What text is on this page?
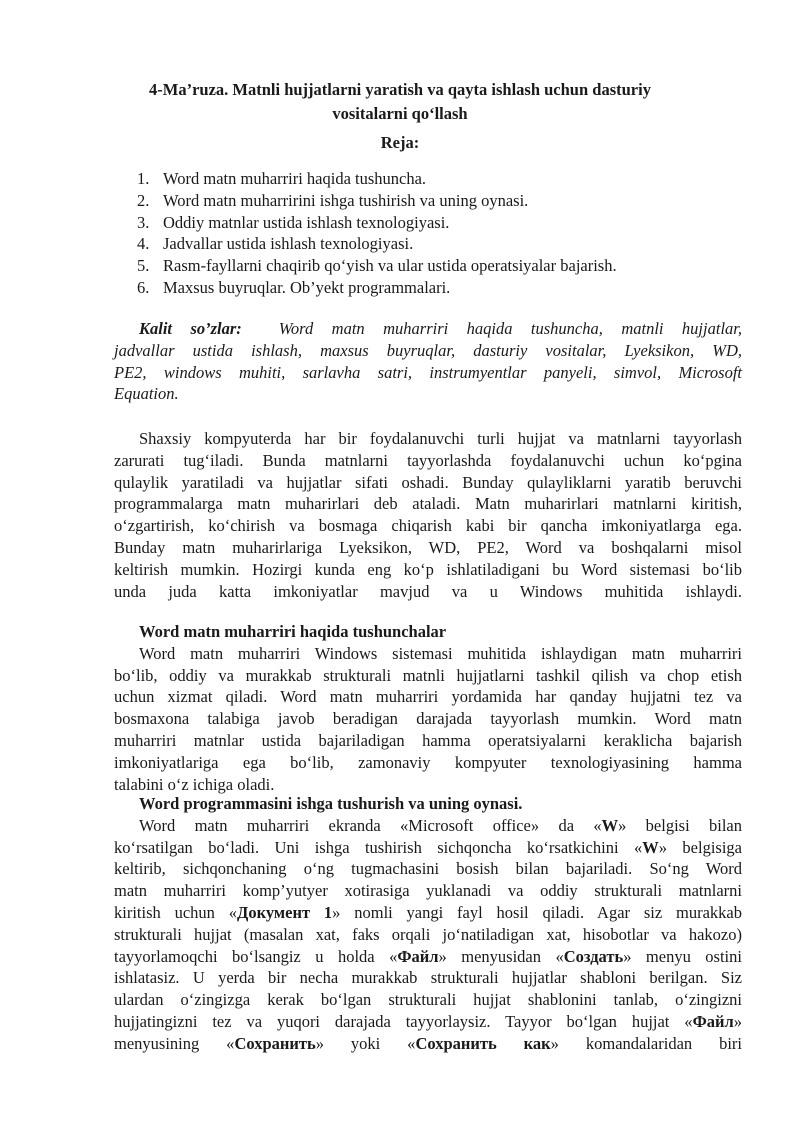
4-Ma’ruza. Matnli hujjatlarni yaratish va qayta ishlash uchun dasturiy
vositalarni qo‘llash
Reja:
1. Word matn muharriri haqida tushuncha.
2. Word matn muharririni ishga tushirish va uning oynasi.
3. Oddiy matnlar ustida ishlash texnologiyasi.
4. Jadvallar ustida ishlash texnologiyasi.
5. Rasm-fayllarni chaqirib qo‘yish va ular ustida operatsiyalar bajarish.
6. Maxsus buyruqlar. Ob’yekt programmalari.
Kalit so’zlar: Word matn muharriri haqida tushuncha, matnli hujjatlar,
jadvallar ustida ishlash, maxsus buyruqlar, dasturiy vositalar, Lyeksikon, WD,
PE2, windows muhiti, sarlavha satri, instrumyentlar panyeli, simvol, Microsoft
Equation.
Shaxsiy kompyuterda har bir foydalanuvchi turli hujjat va matnlarni tayyorlash
zarurati tug‘iladi. Bunda matnlarni tayyorlashda foydalanuvchi uchun ko‘pgina
qulaylik yaratiladi va hujjatlar sifati oshadi. Bunday qulayliklarni yaratib beruvchi
programmalarga matn muharirlari deb ataladi. Matn muharirlari matnlarni kiritish,
o‘zgartirish, ko‘chirish va bosmaga chiqarish kabi bir qancha imkoniyatlarga ega.
Bunday matn muharirlariga Lyeksikon, WD, PE2, Word va boshqalarni misol
keltirish mumkin. Hozirgi kunda eng ko‘p ishlatiladigani bu Word sistemasi bo‘lib
unda juda katta imkoniyatlar mavjud va u Windows muhitida ishlaydi.

Word matn muharriri haqida tushunchalar

Word matn muharriri Windows sistemasi muhitida ishlaydigan matn muharriri
bo‘lib, oddiy va murakkab strukturali matnli hujjatlarni tashkil qilish va chop etish
uchun xizmat qiladi. Word matn muharriri yordamida har qanday hujjatni tez va
bosmaxona talabiga javob beradigan darajada tayyorlash mumkin. Word matn
muharriri matnlar ustida bajariladigan hamma operatsiyalarni keraklicha bajarish
imkoniyatlariga ega bo‘lib, zamonaviy kompyuter texnologiyasining hamma
talabini o‘z ichiga oladi.

Word programmasini ishga tushurish va uning oynasi.

Word matn muharriri ekranda «Microsoft office» da «W» belgisi bilan
ko‘rsatilgan bo‘ladi. Uni ishga tushirish sichqoncha ko‘rsatkichini «W» belgisiga
keltirib, sichqonchaning o‘ng tugmachasini bosish bilan bajariladi. So‘ng Word
matn muharriri komp’yutyer xotirasiga yuklanadi va oddiy strukturali matnlarni
kiritish uchun «Документ 1» nomli yangi fayl hosil qiladi. Agar siz murakkab
strukturali hujjat (masalan xat, faks orqali jo‘natiladigan xat, hisobotlar va hakozo)
tayyorlamoqchi bo‘lsangiz u holda «Файл» menyusidan «Создать» menyu ostini
ishlatasiz. U yerda bir necha murakkab strukturali hujjatlar shabloni berilgan. Siz
ulardan o‘zingizga kerak bo‘lgan strukturali hujjat shablonini tanlab, o‘zingizni
hujjatingizni tez va yuqori darajada tayyorlaysiz. Tayyor bo‘lgan hujjat «Файл»
menyusining «Сохранить» yoki «Сохранить как» komandalaridan biri
